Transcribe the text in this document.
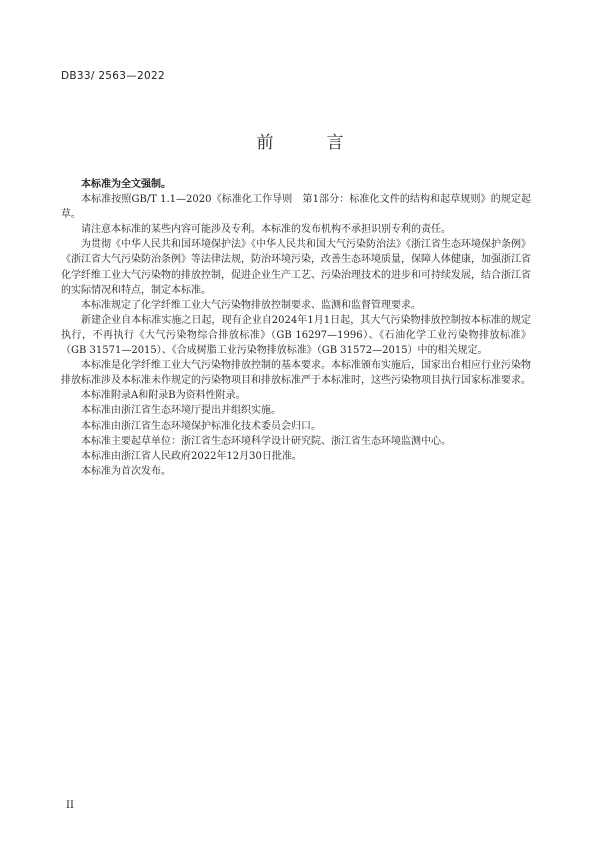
DB33/ 2563—2022
前　言

本标准为全文强制。

本标准按照GB/T 1.1—2020《标准化工作导则　第1部分：标准化文件的结构和起草规则》的规定起草。

请注意本标准的某些内容可能涉及专利。本标准的发布机构不承担识别专利的责任。

为贯彻《中华人民共和国环境保护法》《中华人民共和国大气污染防治法》《浙江省生态环境保护条例》《浙江省大气污染防治条例》等法律法规，防治环境污染，改善生态环境质量，保障人体健康，加强浙江省化学纤维工业大气污染物的排放控制，促进企业生产工艺、污染治理技术的进步和可持续发展，结合浙江省的实际情况和特点，制定本标准。

本标准规定了化学纤维工业大气污染物排放控制要求、监测和监督管理要求。

新建企业自本标准实施之日起，现有企业自2024年1月1日起，其大气污染物排放控制按本标准的规定执行，不再执行《大气污染物综合排放标准》（GB 16297—1996）、《石油化学工业污染物排放标准》（GB 31571—2015）、《合成树脂工业污染物排放标准》（GB 31572—2015）中的相关规定。

本标准是化学纤维工业大气污染物排放控制的基本要求。本标准颁布实施后，国家出台相应行业污染物排放标准涉及本标准未作规定的污染物项目和排放标准严于本标准时，这些污染物项目执行国家标准要求。

本标准附录A和附录B为资料性附录。

本标准由浙江省生态环境厅提出并组织实施。

本标准由浙江省生态环境保护标准化技术委员会归口。

本标准主要起草单位：浙江省生态环境科学设计研究院、浙江省生态环境监测中心。

本标准由浙江省人民政府2022年12月30日批准。

本标准为首次发布。

II
